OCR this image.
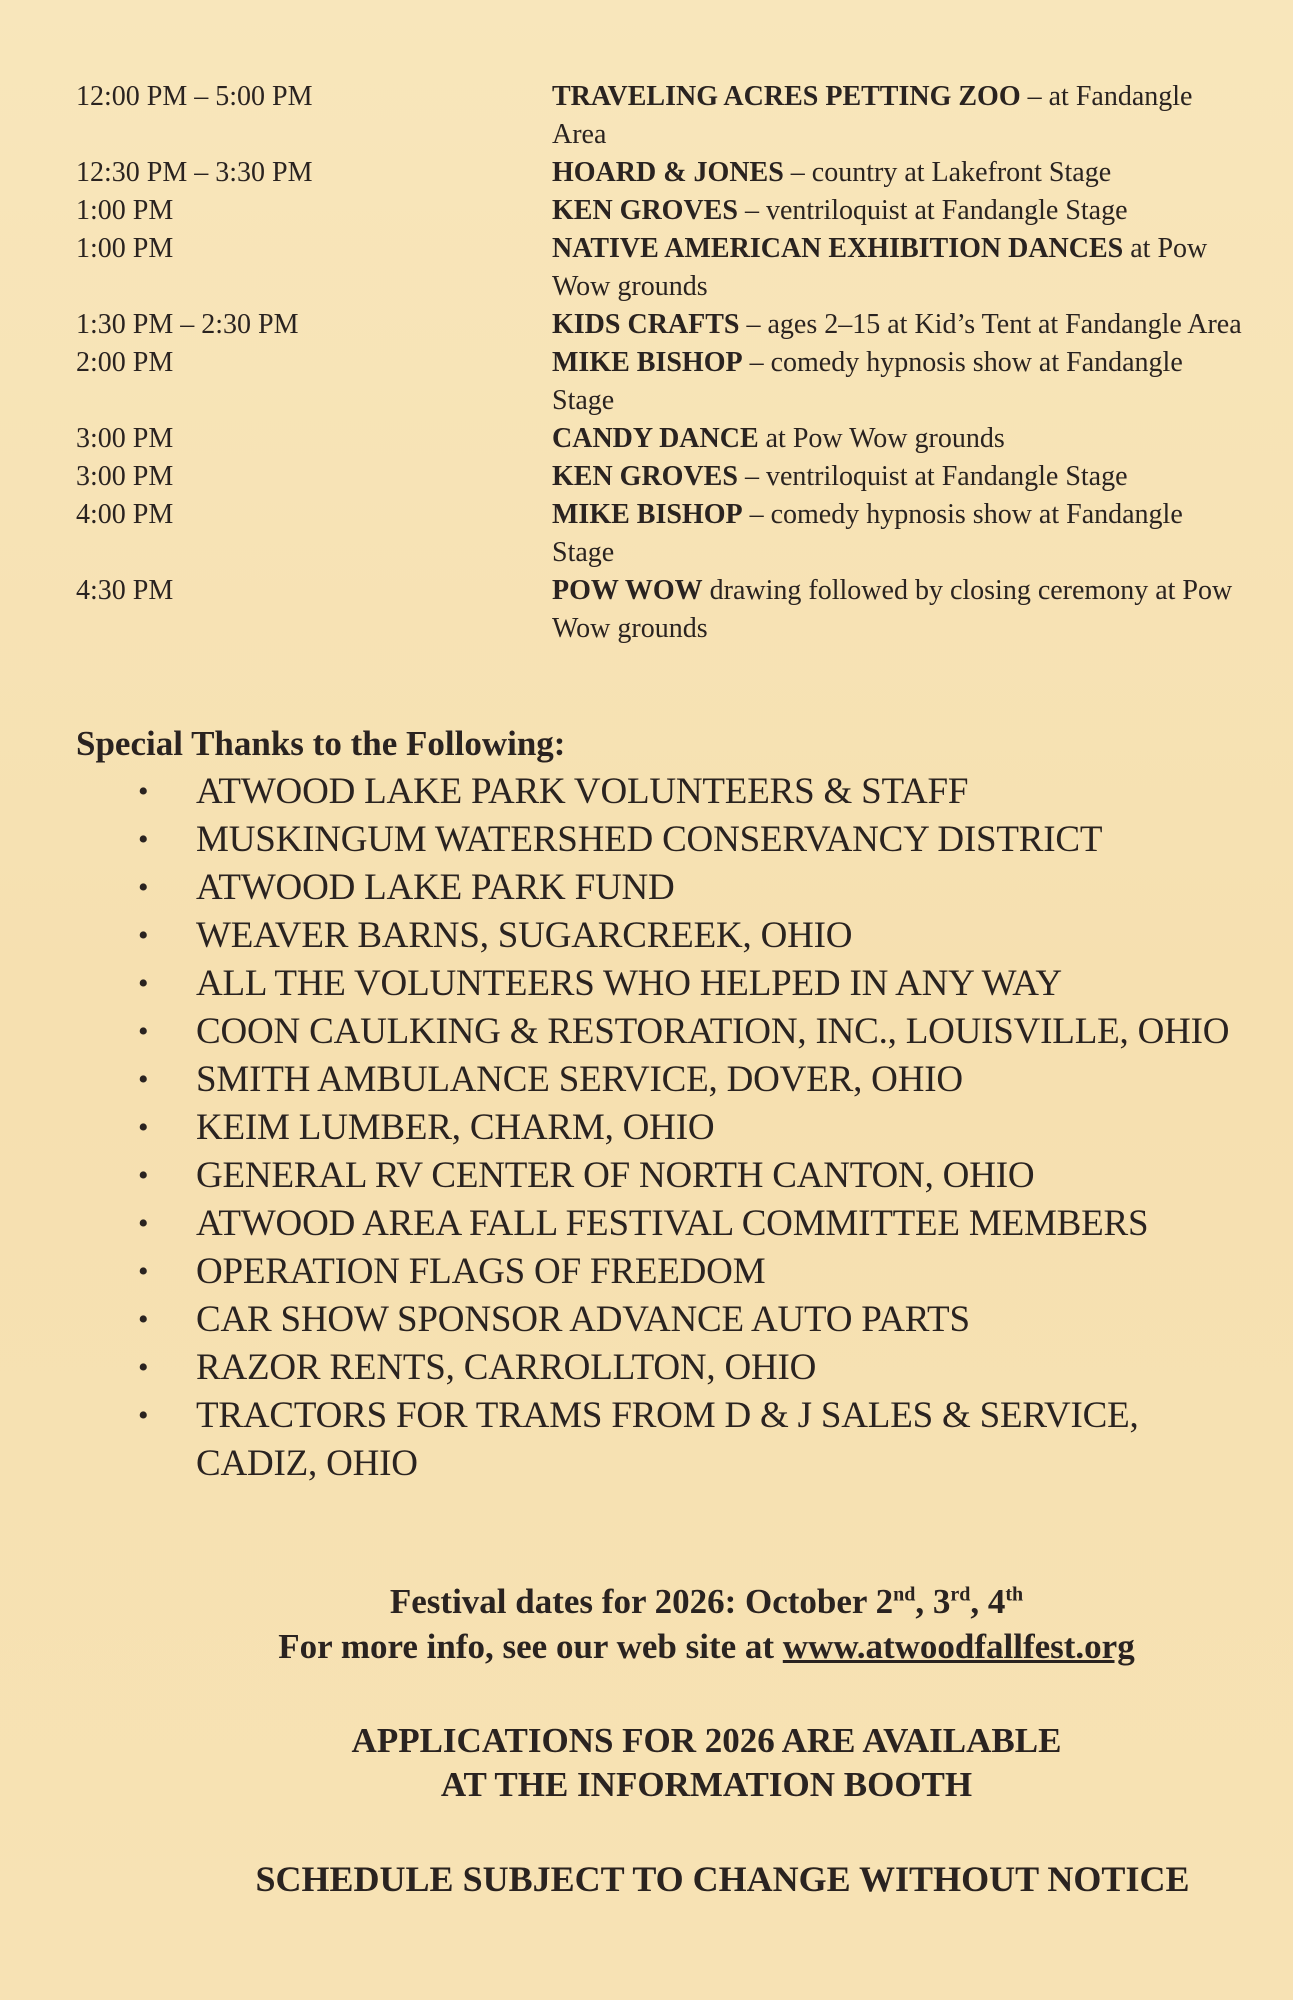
12:00 PM – 5:00 PM	TRAVELING ACRES PETTING ZOO – at Fandangle Area
12:30 PM – 3:30 PM	HOARD & JONES – country at Lakefront Stage
1:00 PM	KEN GROVES – ventriloquist at Fandangle Stage
1:00 PM	NATIVE AMERICAN EXHIBITION DANCES at Pow Wow grounds
1:30 PM – 2:30 PM	KIDS CRAFTS – ages 2–15 at Kid’s Tent at Fandangle Area
2:00 PM	MIKE BISHOP – comedy hypnosis show at Fandangle Stage
3:00 PM	CANDY DANCE at Pow Wow grounds
3:00 PM	KEN GROVES – ventriloquist at Fandangle Stage
4:00 PM	MIKE BISHOP – comedy hypnosis show at Fandangle Stage
4:30 PM	POW WOW drawing followed by closing ceremony at Pow Wow grounds
Special Thanks to the Following:
• ATWOOD LAKE PARK VOLUNTEERS & STAFF
• MUSKINGUM WATERSHED CONSERVANCY DISTRICT
• ATWOOD LAKE PARK FUND
• WEAVER BARNS, SUGARCREEK, OHIO
• ALL THE VOLUNTEERS WHO HELPED IN ANY WAY
• COON CAULKING & RESTORATION, INC., LOUISVILLE, OHIO
• SMITH AMBULANCE SERVICE, DOVER, OHIO
• KEIM LUMBER, CHARM, OHIO
• GENERAL RV CENTER OF NORTH CANTON, OHIO
• ATWOOD AREA FALL FESTIVAL COMMITTEE MEMBERS
• OPERATION FLAGS OF FREEDOM
• CAR SHOW SPONSOR ADVANCE AUTO PARTS
• RAZOR RENTS, CARROLLTON, OHIO
• TRACTORS FOR TRAMS FROM D & J SALES & SERVICE, CADIZ, OHIO
Festival dates for 2026: October 2nd, 3rd, 4th
For more info, see our web site at www.atwoodfallfest.org
APPLICATIONS FOR 2026 ARE AVAILABLE
AT THE INFORMATION BOOTH
SCHEDULE SUBJECT TO CHANGE WITHOUT NOTICE
